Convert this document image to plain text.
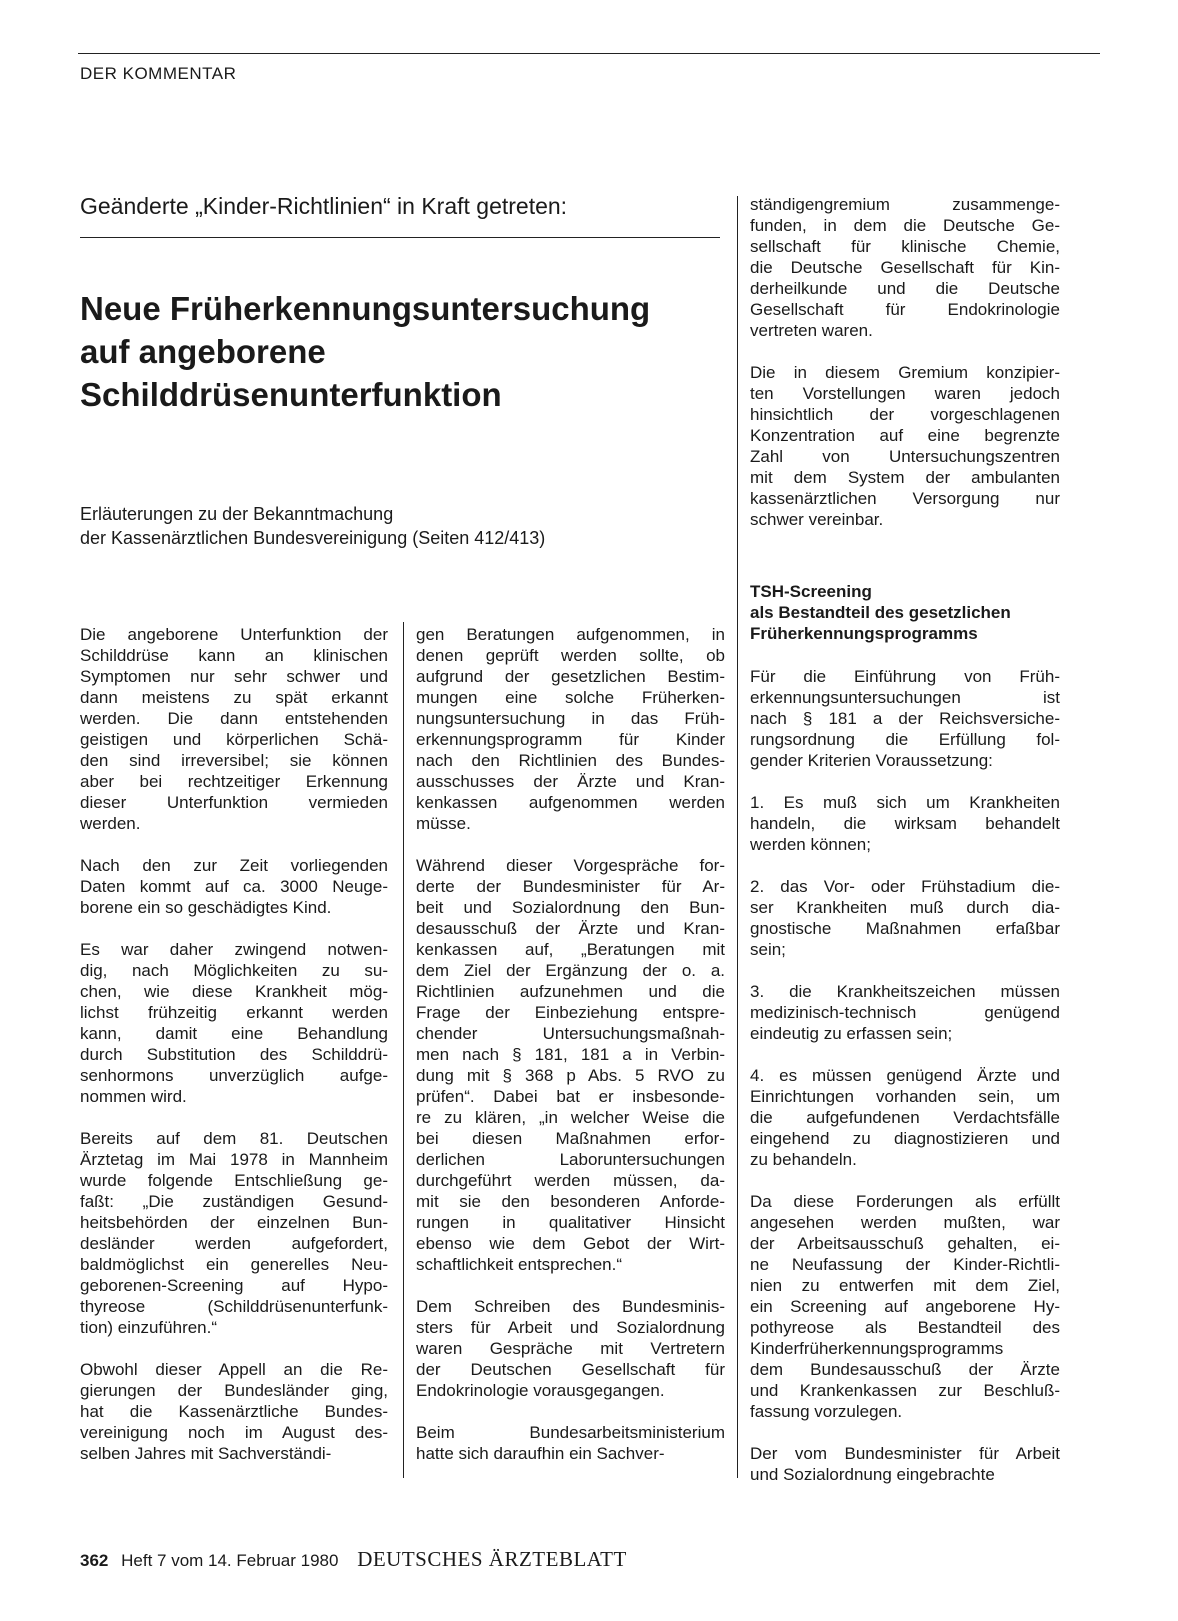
DER KOMMENTAR
Geänderte „Kinder-Richtlinien“ in Kraft getreten:
Neue Früherkennungsuntersuchung
auf angeborene
Schilddrüsenunterfunktion
Erläuterungen zu der Bekanntmachung
der Kassenärztlichen Bundesvereinigung (Seiten 412/413)

Die angeborene Unterfunktion der
Schilddrüse kann an klinischen
Symptomen nur sehr schwer und
dann meistens zu spät erkannt
werden. Die dann entstehenden
geistigen und körperlichen Schä-
den sind irreversibel; sie können
aber bei rechtzeitiger Erkennung
dieser Unterfunktion vermieden
werden.

Nach den zur Zeit vorliegenden
Daten kommt auf ca. 3000 Neuge-
borene ein so geschädigtes Kind.

Es war daher zwingend notwen-
dig, nach Möglichkeiten zu su-
chen, wie diese Krankheit mög-
lichst frühzeitig erkannt werden
kann, damit eine Behandlung
durch Substitution des Schilddrü-
senhormons unverzüglich aufge-
nommen wird.

Bereits auf dem 81. Deutschen
Ärztetag im Mai 1978 in Mannheim
wurde folgende Entschließung ge-
faßt: „Die zuständigen Gesund-
heitsbehörden der einzelnen Bun-
desländer werden aufgefordert,
baldmöglichst ein generelles Neu-
geborenen-Screening auf Hypo-
thyreose (Schilddrüsenunterfunk-
tion) einzuführen.“

Obwohl dieser Appell an die Re-
gierungen der Bundesländer ging,
hat die Kassenärztliche Bundes-
vereinigung noch im August des-
selben Jahres mit Sachverständi-

gen Beratungen aufgenommen, in
denen geprüft werden sollte, ob
aufgrund der gesetzlichen Bestim-
mungen eine solche Früherken-
nungsuntersuchung in das Früh-
erkennungsprogramm für Kinder
nach den Richtlinien des Bundes-
ausschusses der Ärzte und Kran-
kenkassen aufgenommen werden
müsse.

Während dieser Vorgespräche for-
derte der Bundesminister für Ar-
beit und Sozialordnung den Bun-
desausschuß der Ärzte und Kran-
kenkassen auf, „Beratungen mit
dem Ziel der Ergänzung der o. a.
Richtlinien aufzunehmen und die
Frage der Einbeziehung entspre-
chender Untersuchungsmaßnah-
men nach § 181, 181 a in Verbin-
dung mit § 368 p Abs. 5 RVO zu
prüfen“. Dabei bat er insbesonde-
re zu klären, „in welcher Weise die
bei diesen Maßnahmen erfor-
derlichen Laboruntersuchungen
durchgeführt werden müssen, da-
mit sie den besonderen Anforde-
rungen in qualitativer Hinsicht
ebenso wie dem Gebot der Wirt-
schaftlichkeit entsprechen.“

Dem Schreiben des Bundesminis-
sters für Arbeit und Sozialordnung
waren Gespräche mit Vertretern
der Deutschen Gesellschaft für
Endokrinologie vorausgegangen.

Beim Bundesarbeitsministerium
hatte sich daraufhin ein Sachver-

ständigengremium zusammenge-
funden, in dem die Deutsche Ge-
sellschaft für klinische Chemie,
die Deutsche Gesellschaft für Kin-
derheilkunde und die Deutsche
Gesellschaft für Endokrinologie
vertreten waren.

Die in diesem Gremium konzipier-
ten Vorstellungen waren jedoch
hinsichtlich der vorgeschlagenen
Konzentration auf eine begrenzte
Zahl von Untersuchungszentren
mit dem System der ambulanten
kassenärztlichen Versorgung nur
schwer vereinbar.

TSH-Screening
als Bestandteil des gesetzlichen
Früherkennungsprogramms

Für die Einführung von Früh-
erkennungsuntersuchungen ist
nach § 181 a der Reichsversiche-
rungsordnung die Erfüllung fol-
gender Kriterien Voraussetzung:

1. Es muß sich um Krankheiten
handeln, die wirksam behandelt
werden können;

2. das Vor- oder Frühstadium die-
ser Krankheiten muß durch dia-
gnostische Maßnahmen erfaßbar
sein;

3. die Krankheitszeichen müssen
medizinisch-technisch genügend
eindeutig zu erfassen sein;

4. es müssen genügend Ärzte und
Einrichtungen vorhanden sein, um
die aufgefundenen Verdachtsfälle
eingehend zu diagnostizieren und
zu behandeln.

Da diese Forderungen als erfüllt
angesehen werden mußten, war
der Arbeitsausschuß gehalten, ei-
ne Neufassung der Kinder-Richtli-
nien zu entwerfen mit dem Ziel,
ein Screening auf angeborene Hy-
pothyreose als Bestandteil des
Kinderfrüherkennungsprogramms
dem Bundesausschuß der Ärzte
und Krankenkassen zur Beschluß-
fassung vorzulegen.

Der vom Bundesminister für Arbeit
und Sozialordnung eingebrachte

362 Heft 7 vom 14. Februar 1980 DEUTSCHES ÄRZTEBLATT
